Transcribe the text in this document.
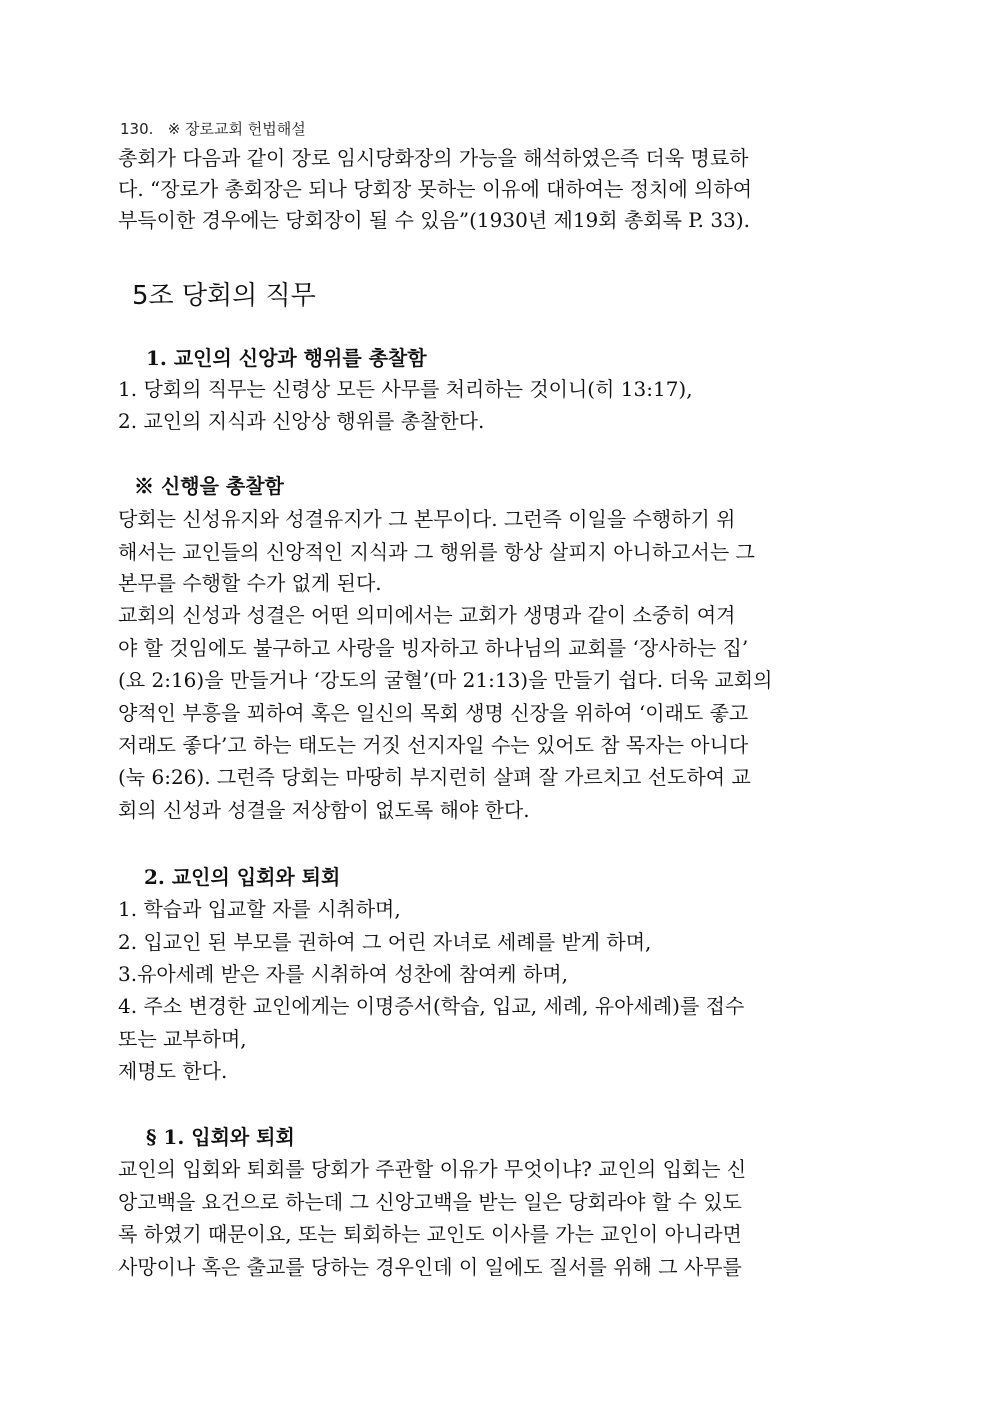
130. ※ 장로교회 헌법해설
총회가 다음과 같이 장로 임시당화장의 가능을 해석하였은즉 더욱 명료하
다. “장로가 총회장은 되나 당회장 못하는 이유에 대하여는 정치에 의하여
부득이한 경우에는 당회장이 될 수 있음”(1930년 제19회 총회록 P. 33).
5조 당회의 직무
1. 교인의 신앙과 행위를 총찰함
1. 당회의 직무는 신령상 모든 사무를 처리하는 것이니(히 13:17),
2. 교인의 지식과 신앙상 행위를 총찰한다.
※ 신행을 총찰함
당회는 신성유지와 성결유지가 그 본무이다. 그런즉 이일을 수행하기 위
해서는 교인들의 신앙적인 지식과 그 행위를 항상 살피지 아니하고서는 그
본무를 수행할 수가 없게 된다.
교회의 신성과 성결은 어떤 의미에서는 교회가 생명과 같이 소중히 여겨
야 할 것임에도 불구하고 사랑을 빙자하고 하나님의 교회를 ‘장사하는 집’
(요 2:16)을 만들거나 ‘강도의 굴혈’(마 21:13)을 만들기 쉽다. 더욱 교회의
양적인 부흥을 꾀하여 혹은 일신의 목회 생명 신장을 위하여 ‘이래도 좋고
저래도 좋다’고 하는 태도는 거짓 선지자일 수는 있어도 참 목자는 아니다
(눅 6:26). 그런즉 당회는 마땅히 부지런히 살펴 잘 가르치고 선도하여 교
회의 신성과 성결을 저상함이 없도록 해야 한다.
2. 교인의 입회와 퇴회
1. 학습과 입교할 자를 시취하며,
2. 입교인 된 부모를 권하여 그 어린 자녀로 세례를 받게 하며,
3.유아세례 받은 자를 시취하여 성찬에 참여케 하며,
4. 주소 변경한 교인에게는 이명증서(학습, 입교, 세례, 유아세례)를 접수
또는 교부하며,
제명도 한다.
§ 1. 입회와 퇴회
교인의 입회와 퇴회를 당회가 주관할 이유가 무엇이냐? 교인의 입회는 신
앙고백을 요건으로 하는데 그 신앙고백을 받는 일은 당회라야 할 수 있도
록 하였기 때문이요, 또는 퇴회하는 교인도 이사를 가는 교인이 아니라면
사망이나 혹은 출교를 당하는 경우인데 이 일에도 질서를 위해 그 사무를
